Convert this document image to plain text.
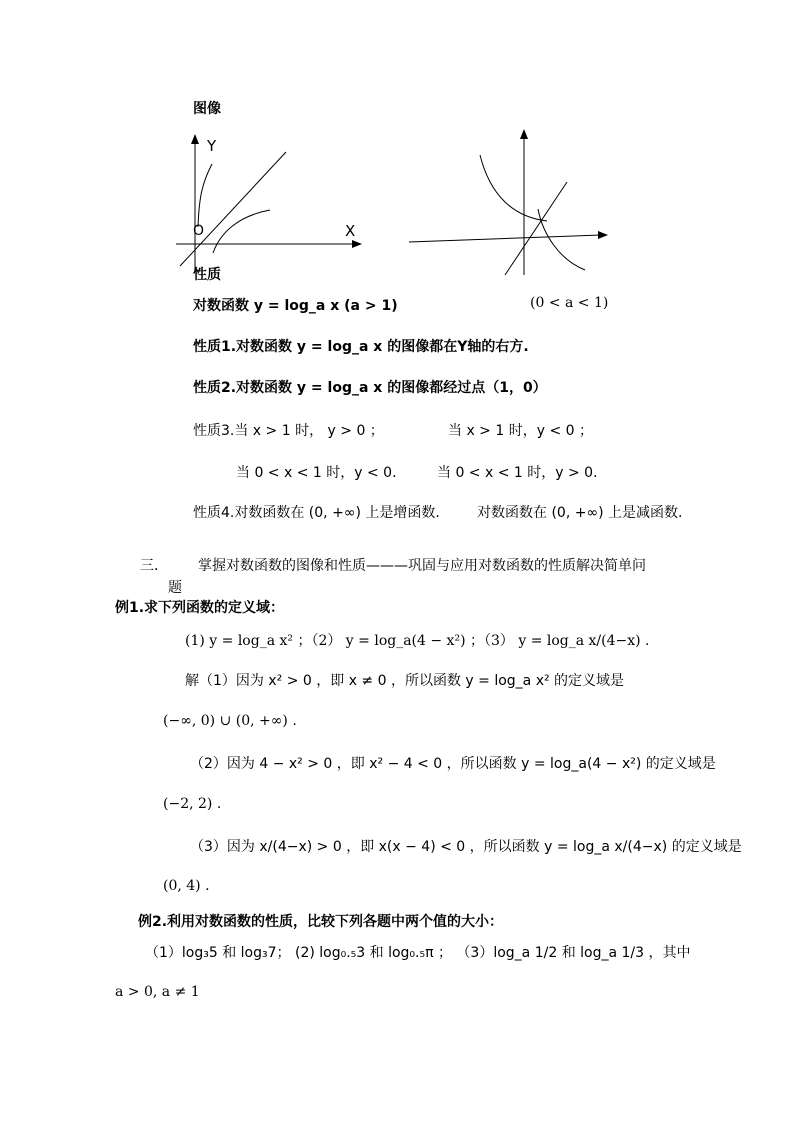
图像
Y
X
O
性质
对数函数 y = log_a x (a > 1)	(0 < a < 1)
性质1.对数函数 y = log_a x 的图像都在Y轴的右方.
性质2.对数函数 y = log_a x 的图像都经过点（1，0）
性质3.当 x > 1 时， y > 0 ；	当 x > 1 时，y < 0 ；
当 0 < x < 1 时，y < 0． 当 0 < x < 1 时，y > 0．
性质4.对数函数在 (0, +∞) 上是增函数.	对数函数在 (0, +∞) 上是减函数.
三． 掌握对数函数的图像和性质———巩固与应用对数函数的性质解决简单问
题
例1.求下列函数的定义域：
(1) y = log_a x² ；（2） y = log_a(4 − x²) ；（3） y = log_a x/(4−x) .
解（1）因为 x² > 0 ，即 x ≠ 0 ，所以函数 y = log_a x² 的定义域是
(−∞, 0) ∪ (0, +∞) .
（2）因为 4 − x² > 0 ，即 x² − 4 < 0 ，所以函数 y = log_a(4 − x²) 的定义域是
(−2, 2) .
（3）因为 x/(4−x) > 0 ，即 x(x − 4) < 0 ，所以函数 y = log_a x/(4−x) 的定义域是
(0, 4) .
例2.利用对数函数的性质，比较下列各题中两个值的大小：
（1）log₃5 和 log₃7； (2) log₀.₅3 和 log₀.₅π ； （3）log_a 1/2 和 log_a 1/3 ，其中
a > 0, a ≠ 1
